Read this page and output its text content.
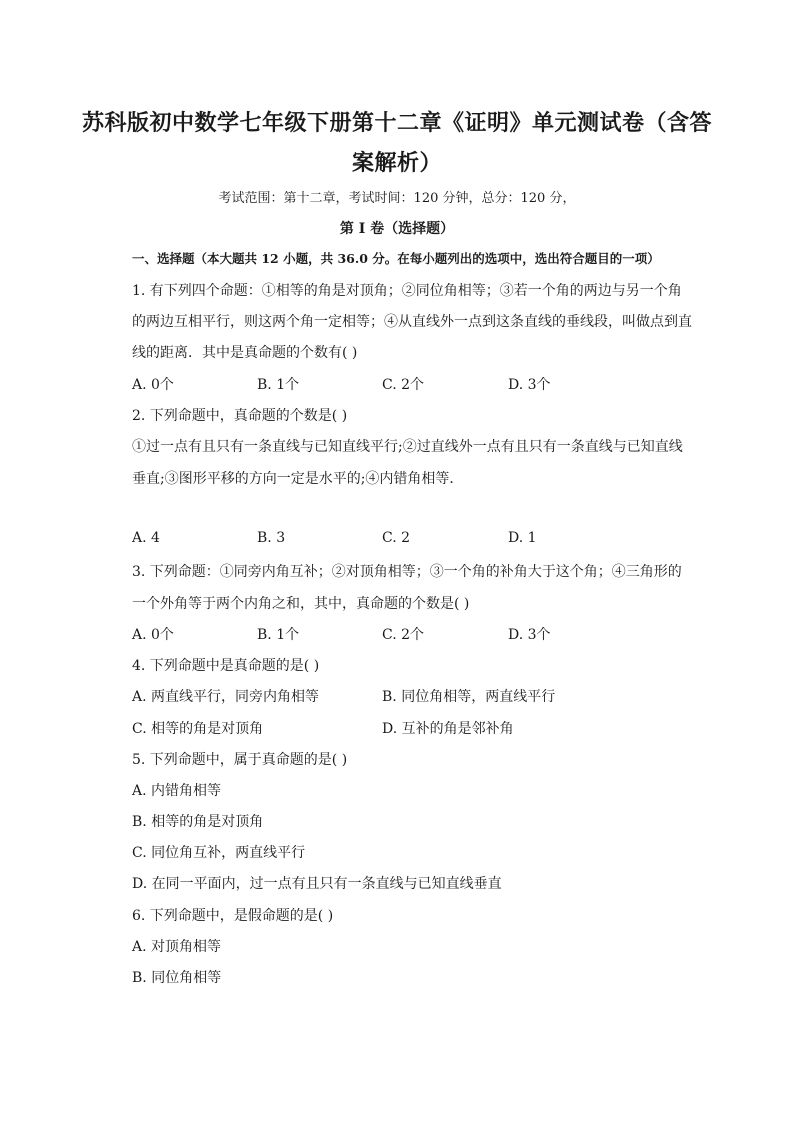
苏科版初中数学七年级下册第十二章《证明》单元测试卷（含答
案解析）
考试范围：第十二章，考试时间：120 分钟，总分：120 分，
第 I 卷（选择题）
一、选择题（本大题共 12 小题，共 36.0 分。在每小题列出的选项中，选出符合题目的一项）
1. 有下列四个命题：①相等的角是对顶角；②同位角相等；③若一个角的两边与另一个角
的两边互相平行，则这两个角一定相等；④从直线外一点到这条直线的垂线段，叫做点到直
线的距离．其中是真命题的个数有( )
A. 0个	B. 1个	C. 2个	D. 3个
2. 下列命题中，真命题的个数是( )
①过一点有且只有一条直线与已知直线平行;②过直线外一点有且只有一条直线与已知直线
垂直;③图形平移的方向一定是水平的;④内错角相等．
A. 4	B. 3	C. 2	D. 1
3. 下列命题：①同旁内角互补；②对顶角相等；③一个角的补角大于这个角；④三角形的
一个外角等于两个内角之和，其中，真命题的个数是( )
A. 0个	B. 1个	C. 2个	D. 3个
4. 下列命题中是真命题的是( )
A. 两直线平行，同旁内角相等	B. 同位角相等，两直线平行
C. 相等的角是对顶角	D. 互补的角是邻补角
5. 下列命题中，属于真命题的是( )
A. 内错角相等
B. 相等的角是对顶角
C. 同位角互补，两直线平行
D. 在同一平面内，过一点有且只有一条直线与已知直线垂直
6. 下列命题中，是假命题的是( )
A. 对顶角相等
B. 同位角相等
